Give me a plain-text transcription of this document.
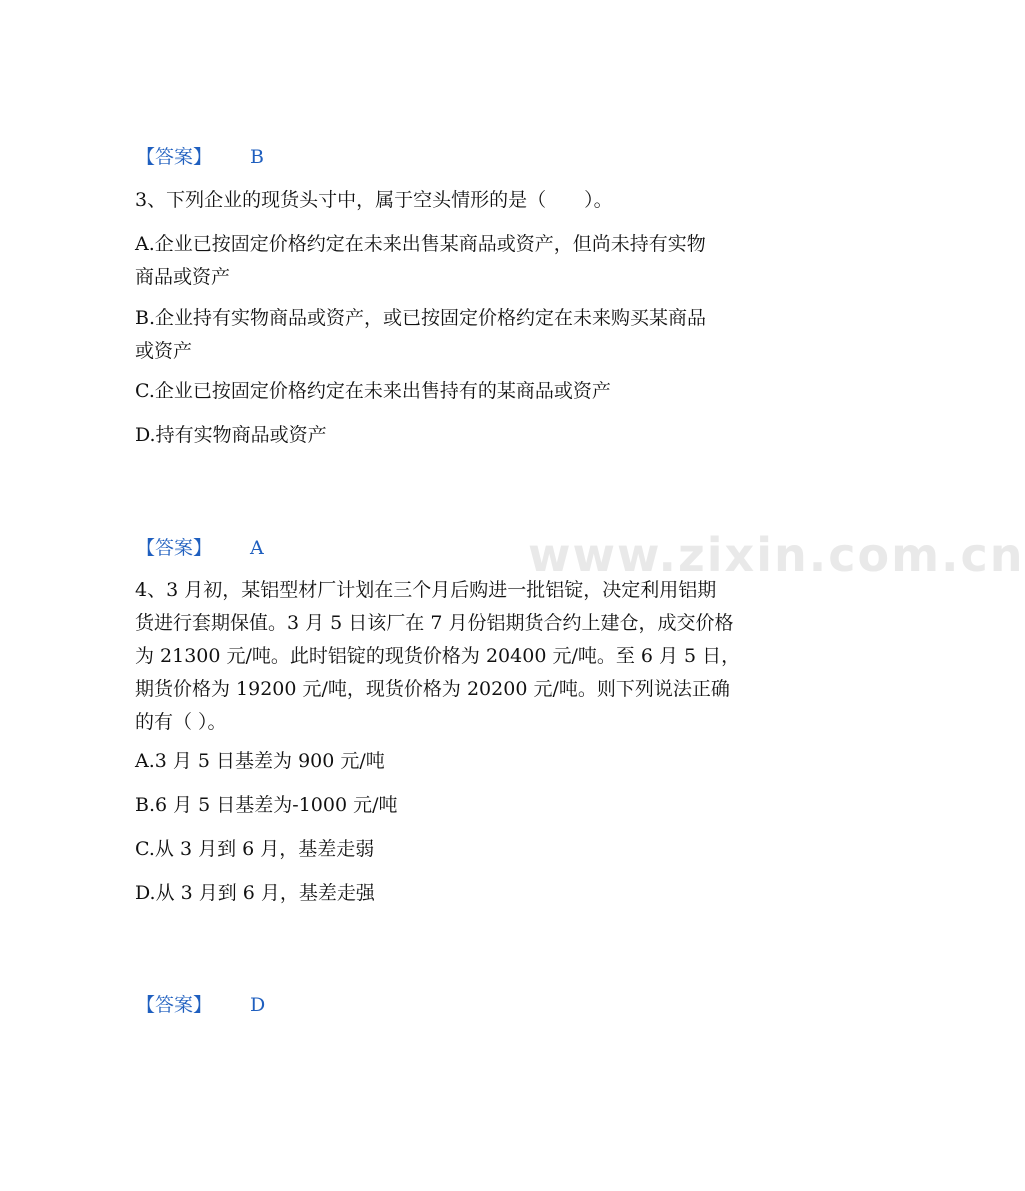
www.zixin.com.cn
【答案】 B
3、下列企业的现货头寸中，属于空头情形的是（　　）。
A.企业已按固定价格约定在未来出售某商品或资产，但尚未持有实物
商品或资产
B.企业持有实物商品或资产，或已按固定价格约定在未来购买某商品
或资产
C.企业已按固定价格约定在未来出售持有的某商品或资产
D.持有实物商品或资产
【答案】 A
4、3 月初，某铝型材厂计划在三个月后购进一批铝锭，决定利用铝期
货进行套期保值。3 月 5 日该厂在 7 月份铝期货合约上建仓，成交价格
为 21300 元/吨。此时铝锭的现货价格为 20400 元/吨。至 6 月 5 日，
期货价格为 19200 元/吨，现货价格为 20200 元/吨。则下列说法正确
的有（ ）。
A.3 月 5 日基差为 900 元/吨
B.6 月 5 日基差为-1000 元/吨
C.从 3 月到 6 月，基差走弱
D.从 3 月到 6 月，基差走强
【答案】 D
